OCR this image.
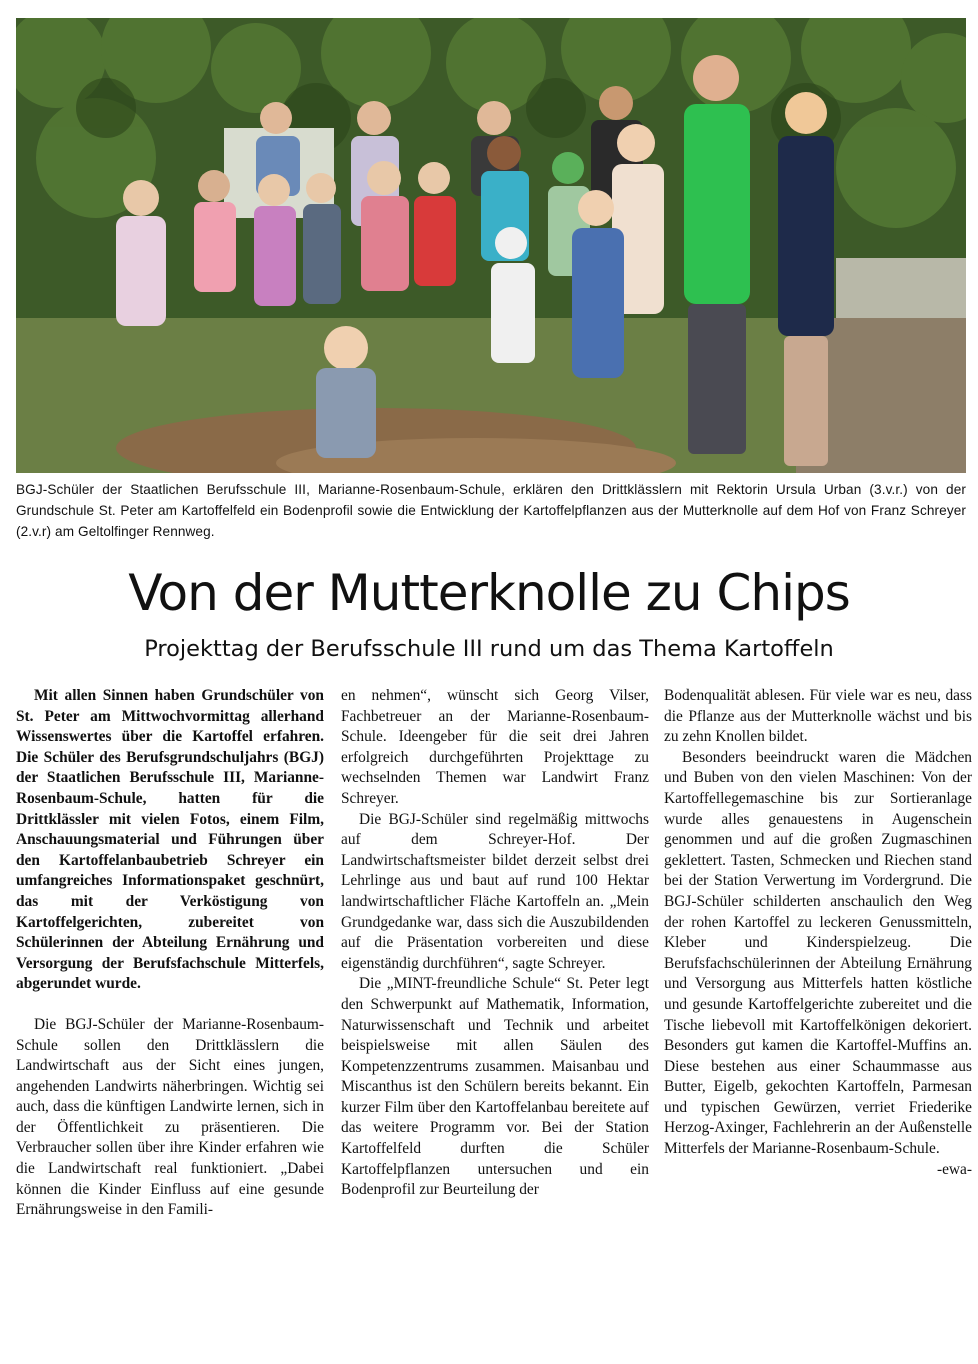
BGJ-Schüler der Staatlichen Berufsschule III, Marianne-Rosenbaum-Schule, erklären den Drittklässlern mit Rektorin Ursula Urban (3.v.r.) von der Grundschule St. Peter am Kartoffelfeld ein Bodenprofil sowie die Entwicklung der Kartoffelpflanzen aus der Mutterknolle auf dem Hof von Franz Schreyer (2.v.r) am Geltolfinger Rennweg.
Von der Mutterknolle zu Chips
Projekttag der Berufsschule III rund um das Thema Kartoffeln

Mit allen Sinnen haben Grundschüler von St. Peter am Mittwochvormittag allerhand Wissenswertes über die Kartoffel erfahren. Die Schüler des Berufsgrundschuljahrs (BGJ) der Staatlichen Berufsschule III, Marianne-Rosenbaum-Schule, hatten für die Drittklässler mit vielen Fotos, einem Film, Anschauungsmaterial und Führungen über den Kartoffelanbaubetrieb Schreyer ein umfangreiches Informationspaket geschnürt, das mit der Verköstigung von Kartoffelgerichten, zubereitet von Schülerinnen der Abteilung Ernährung und Versorgung der Berufsfachschule Mitterfels, abgerundet wurde.

Die BGJ-Schüler der Marianne-Rosenbaum-Schule sollen den Drittklässlern die Landwirtschaft aus der Sicht eines jungen, angehenden Landwirts näherbringen. Wichtig sei auch, dass die künftigen Landwirte lernen, sich in der Öffentlichkeit zu präsentieren. Die Verbraucher sollen über ihre Kinder erfahren wie die Landwirtschaft real funktioniert. „Dabei können die Kinder Einfluss auf eine gesunde Ernährungsweise in den Famili-

en nehmen“, wünscht sich Georg Vilser, Fachbetreuer an der Marianne-Rosenbaum-Schule. Ideengeber für die seit drei Jahren erfolgreich durchgeführten Projekttage zu wechselnden Themen war Landwirt Franz Schreyer.

Die BGJ-Schüler sind regelmäßig mittwochs auf dem Schreyer-Hof. Der Landwirtschaftsmeister bildet derzeit selbst drei Lehrlinge aus und baut auf rund 100 Hektar landwirtschaftlicher Fläche Kartoffeln an. „Mein Grundgedanke war, dass sich die Auszubildenden auf die Präsentation vorbereiten und diese eigenständig durchführen“, sagte Schreyer.

Die „MINT-freundliche Schule“ St. Peter legt den Schwerpunkt auf Mathematik, Information, Naturwissenschaft und Technik und arbeitet beispielsweise mit allen Säulen des Kompetenzzentrums zusammen. Maisanbau und Miscanthus ist den Schülern bereits bekannt. Ein kurzer Film über den Kartoffelanbau bereitete auf das weitere Programm vor. Bei der Station Kartoffelfeld durften die Schüler Kartoffelpflanzen untersuchen und ein Bodenprofil zur Beurteilung der

Bodenqualität ablesen. Für viele war es neu, dass die Pflanze aus der Mutterknolle wächst und bis zu zehn Knollen bildet.

Besonders beeindruckt waren die Mädchen und Buben von den vielen Maschinen: Von der Kartoffellegemaschine bis zur Sortieranlage wurde alles genauestens in Augenschein genommen und auf die großen Zugmaschinen geklettert. Tasten, Schmecken und Riechen stand bei der Station Verwertung im Vordergrund. Die BGJ-Schüler schilderten anschaulich den Weg der rohen Kartoffel zu leckeren Genussmitteln, Kleber und Kinderspielzeug. Die Berufsfachschülerinnen der Abteilung Ernährung und Versorgung aus Mitterfels hatten köstliche und gesunde Kartoffelgerichte zubereitet und die Tische liebevoll mit Kartoffelkönigen dekoriert. Besonders gut kamen die Kartoffel-Muffins an. Diese bestehen aus einer Schaummasse aus Butter, Eigelb, gekochten Kartoffeln, Parmesan und typischen Gewürzen, verriet Friederike Herzog-Axinger, Fachlehrerin an der Außenstelle Mitterfels der Marianne-Rosenbaum-Schule.

-ewa-
